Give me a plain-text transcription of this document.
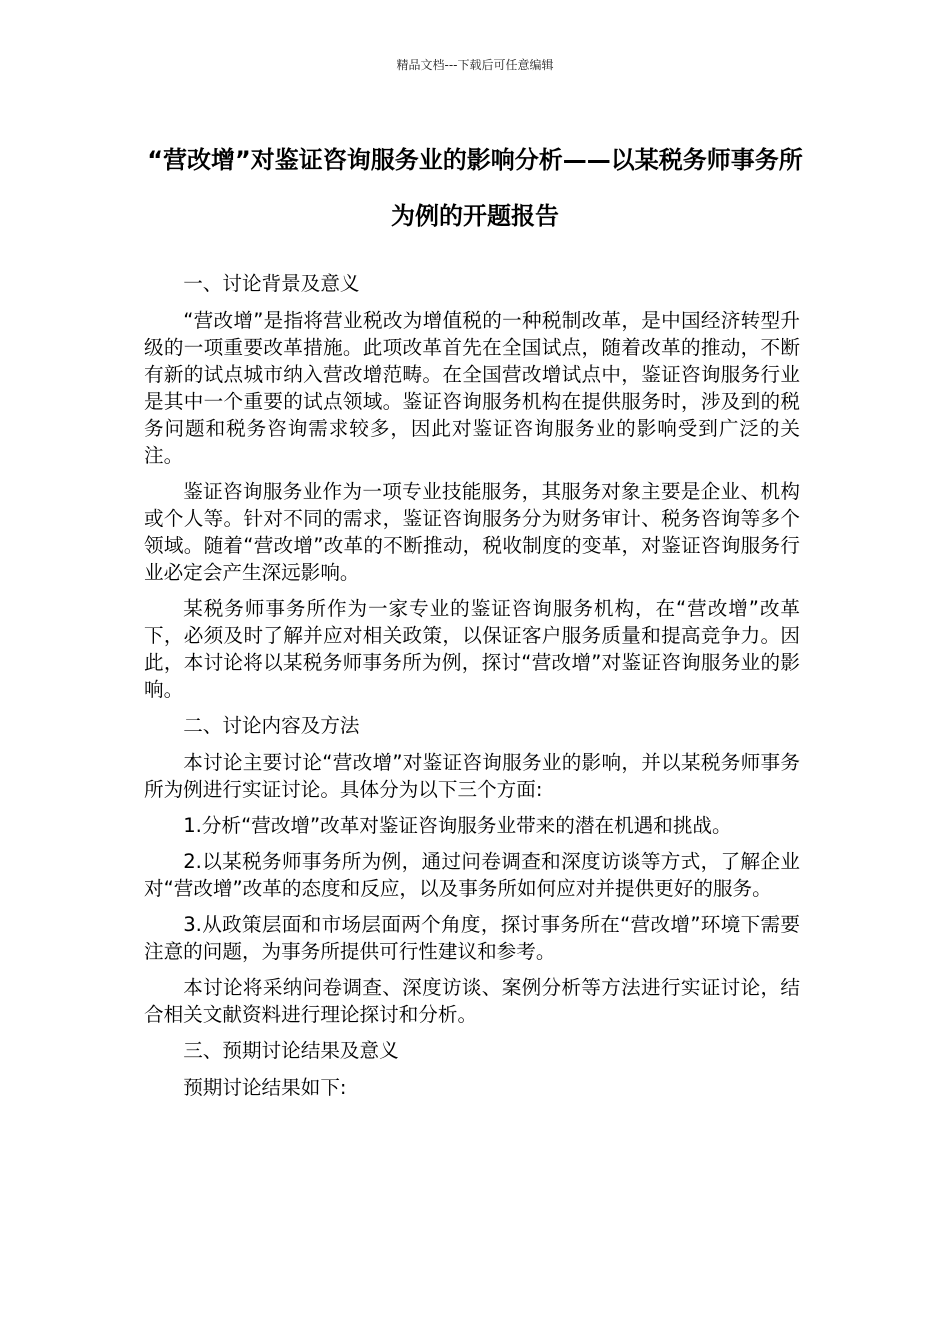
精品文档---下载后可任意编辑
“营改增”对鉴证咨询服务业的影响分析——以某税务师事务所为例的开题报告

一、讨论背景及意义

“营改增”是指将营业税改为增值税的一种税制改革，是中国经济转型升级的一项重要改革措施。此项改革首先在全国试点，随着改革的推动，不断有新的试点城市纳入营改增范畴。在全国营改增试点中，鉴证咨询服务行业是其中一个重要的试点领域。鉴证咨询服务机构在提供服务时，涉及到的税务问题和税务咨询需求较多，因此对鉴证咨询服务业的影响受到广泛的关注。

鉴证咨询服务业作为一项专业技能服务，其服务对象主要是企业、机构或个人等。针对不同的需求，鉴证咨询服务分为财务审计、税务咨询等多个领域。随着“营改增”改革的不断推动，税收制度的变革，对鉴证咨询服务行业必定会产生深远影响。

某税务师事务所作为一家专业的鉴证咨询服务机构，在“营改增”改革下，必须及时了解并应对相关政策，以保证客户服务质量和提高竞争力。因此，本讨论将以某税务师事务所为例，探讨“营改增”对鉴证咨询服务业的影响。

二、讨论内容及方法

本讨论主要讨论“营改增”对鉴证咨询服务业的影响，并以某税务师事务所为例进行实证讨论。具体分为以下三个方面:

1.分析“营改增”改革对鉴证咨询服务业带来的潜在机遇和挑战。

2.以某税务师事务所为例，通过问卷调查和深度访谈等方式，了解企业对“营改增”改革的态度和反应，以及事务所如何应对并提供更好的服务。

3.从政策层面和市场层面两个角度，探讨事务所在“营改增”环境下需要注意的问题，为事务所提供可行性建议和参考。

本讨论将采纳问卷调查、深度访谈、案例分析等方法进行实证讨论，结合相关文献资料进行理论探讨和分析。

三、预期讨论结果及意义

预期讨论结果如下:
